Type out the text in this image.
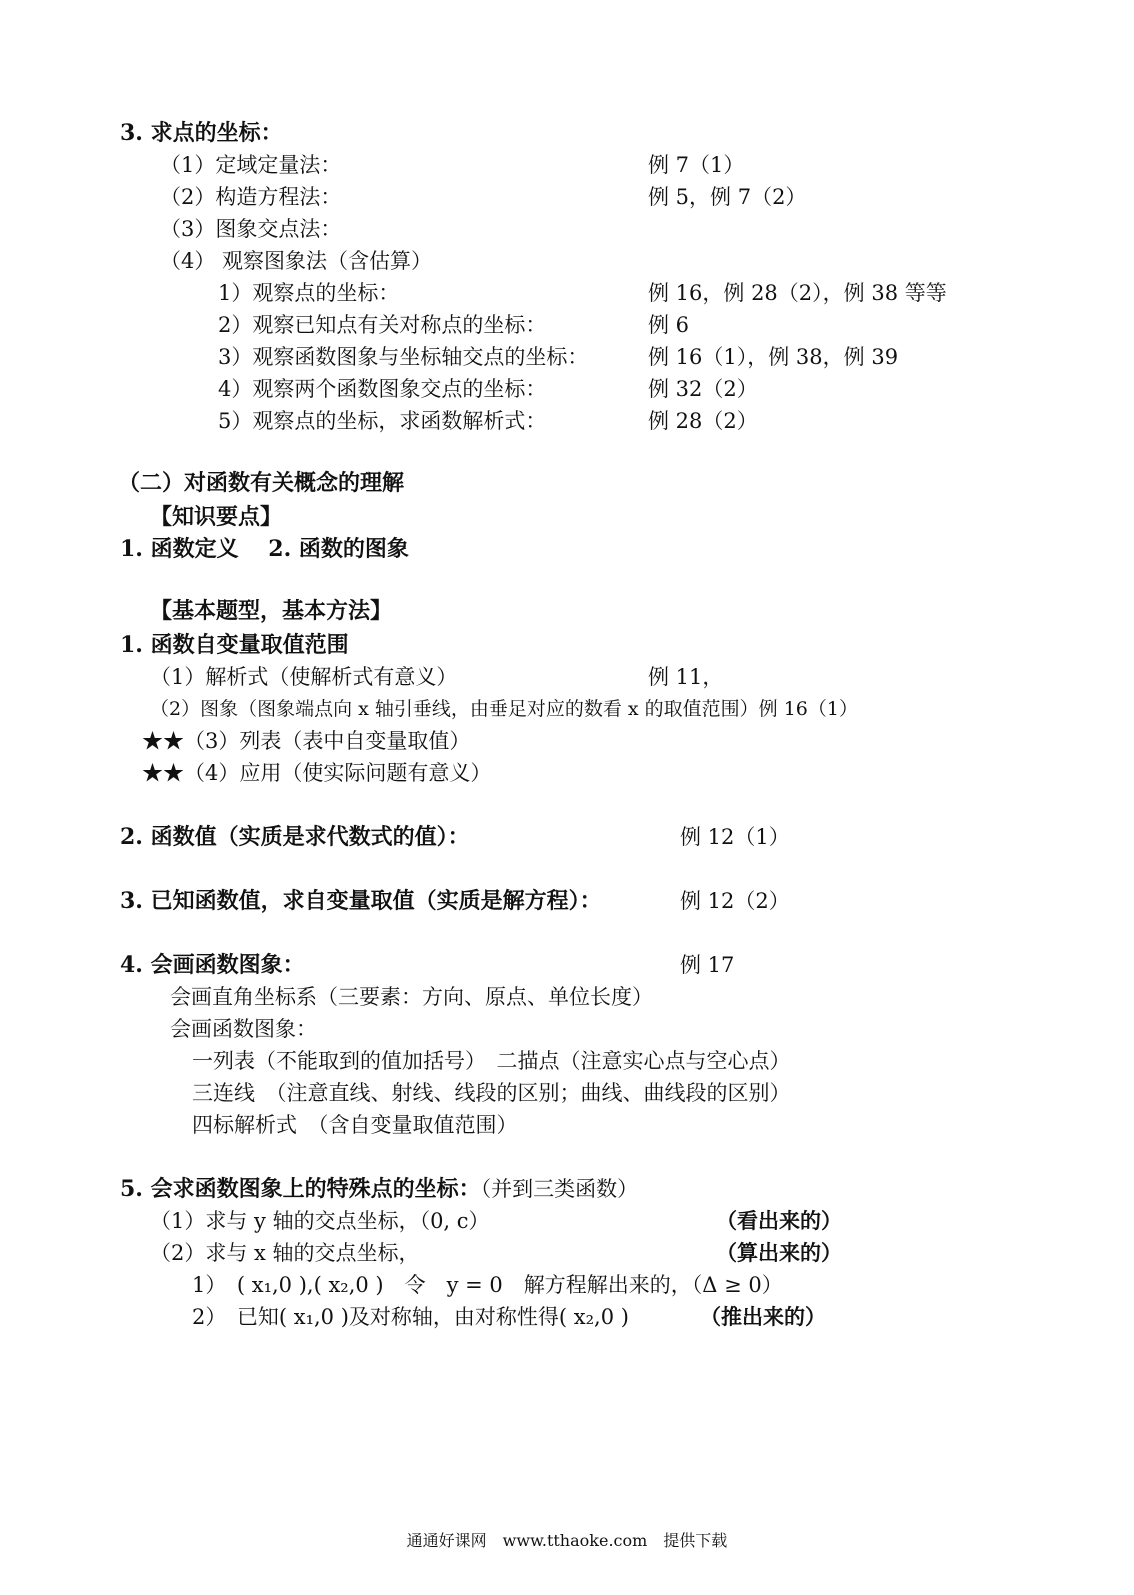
3. 求点的坐标：
（1）定域定量法：	例 7（1）
（2）构造方程法：	例 5，例 7（2）
（3）图象交点法：
（4） 观察图象法（含估算）
1）观察点的坐标：	例 16，例 28（2），例 38 等等
2）观察已知点有关对称点的坐标：	例 6
3）观察函数图象与坐标轴交点的坐标：	例 16（1），例 38，例 39
4）观察两个函数图象交点的坐标：	例 32（2）
5）观察点的坐标，求函数解析式：	例 28（2）
（二）对函数有关概念的理解
【知识要点】
1. 函数定义　 2. 函数的图象
【基本题型，基本方法】
1. 函数自变量取值范围
（1）解析式（使解析式有意义）	例 11，
（2）图象（图象端点向 x 轴引垂线，由垂足对应的数看 x 的取值范围）例 16（1）
★★（3）列表（表中自变量取值）
★★（4）应用（使实际问题有意义）
2. 函数值（实质是求代数式的值）：	例 12（1）
3. 已知函数值，求自变量取值（实质是解方程）：	例 12（2）
4. 会画函数图象：	例 17
会画直角坐标系（三要素：方向、原点、单位长度）
会画函数图象：
一列表（不能取到的值加括号）　二描点（注意实心点与空心点）
三连线　（注意直线、射线、线段的区别；曲线、曲线段的区别）
四标解析式　（含自变量取值范围）
5. 会求函数图象上的特殊点的坐标：（并到三类函数）
（1）求与 y 轴的交点坐标，（0, c）	（看出来的）
（2）求与 x 轴的交点坐标，	（算出来的）
1）　( x₁,0 ),( x₂,0 )　令　y = 0　解方程解出来的，（Δ ≥ 0）
2）　已知( x₁,0 )及对称轴，由对称性得( x₂,0 )	（推出来的）
通通好课网　www.tthaoke.com　提供下载
